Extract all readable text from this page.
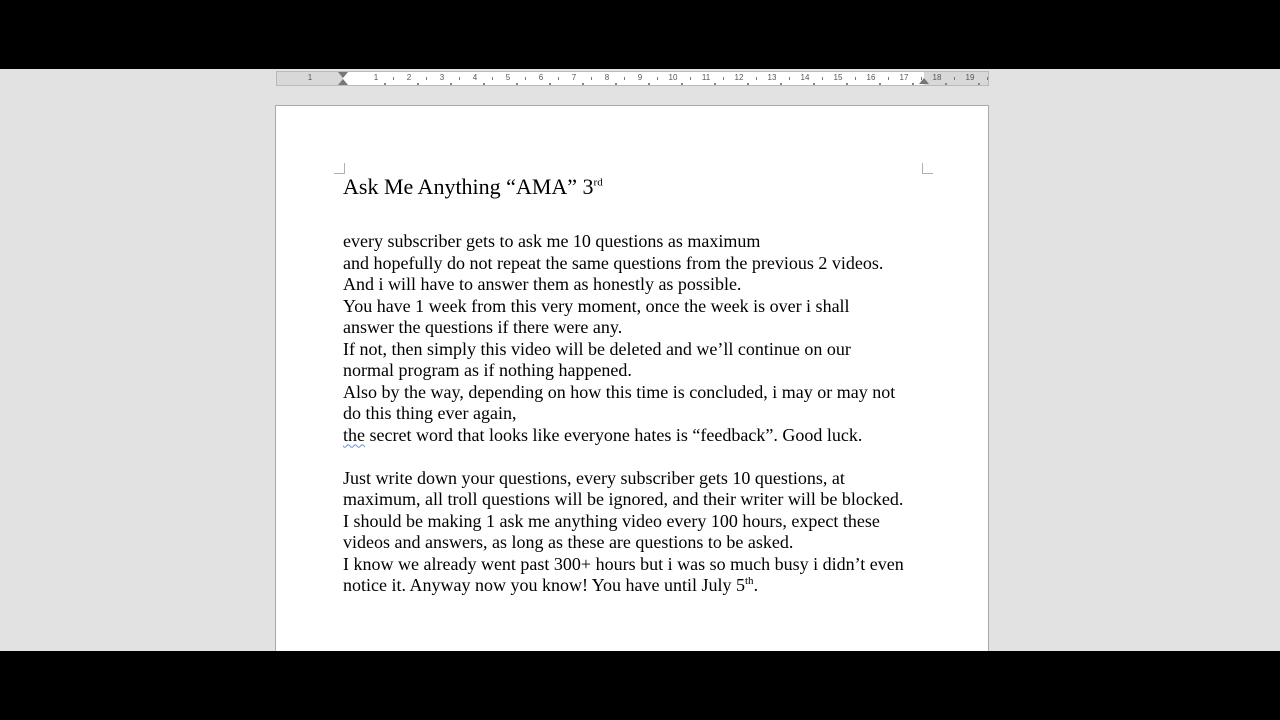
1	1	2	3	4	5	6	7	8	9	10	11	12	13	14	15	16	17	18	19
Ask Me Anything “AMA” 3rd

every subscriber gets to ask me 10 questions as maximum

and hopefully do not repeat the same questions from the previous 2 videos.

And i will have to answer them as honestly as possible.

You have 1 week from this very moment, once the week is over i shall

answer the questions if there were any.

If not, then simply this video will be deleted and we’ll continue on our

normal program as if nothing happened.

Also by the way, depending on how this time is concluded, i may or may not

do this thing ever again,

the secret word that looks like everyone hates is “feedback”. Good luck.

Just write down your questions, every subscriber gets 10 questions, at

maximum, all troll questions will be ignored, and their writer will be blocked.

I should be making 1 ask me anything video every 100 hours, expect these

videos and answers, as long as these are questions to be asked.

I know we already went past 300+ hours but i was so much busy i didn’t even

notice it. Anyway now you know! You have until July 5th.
